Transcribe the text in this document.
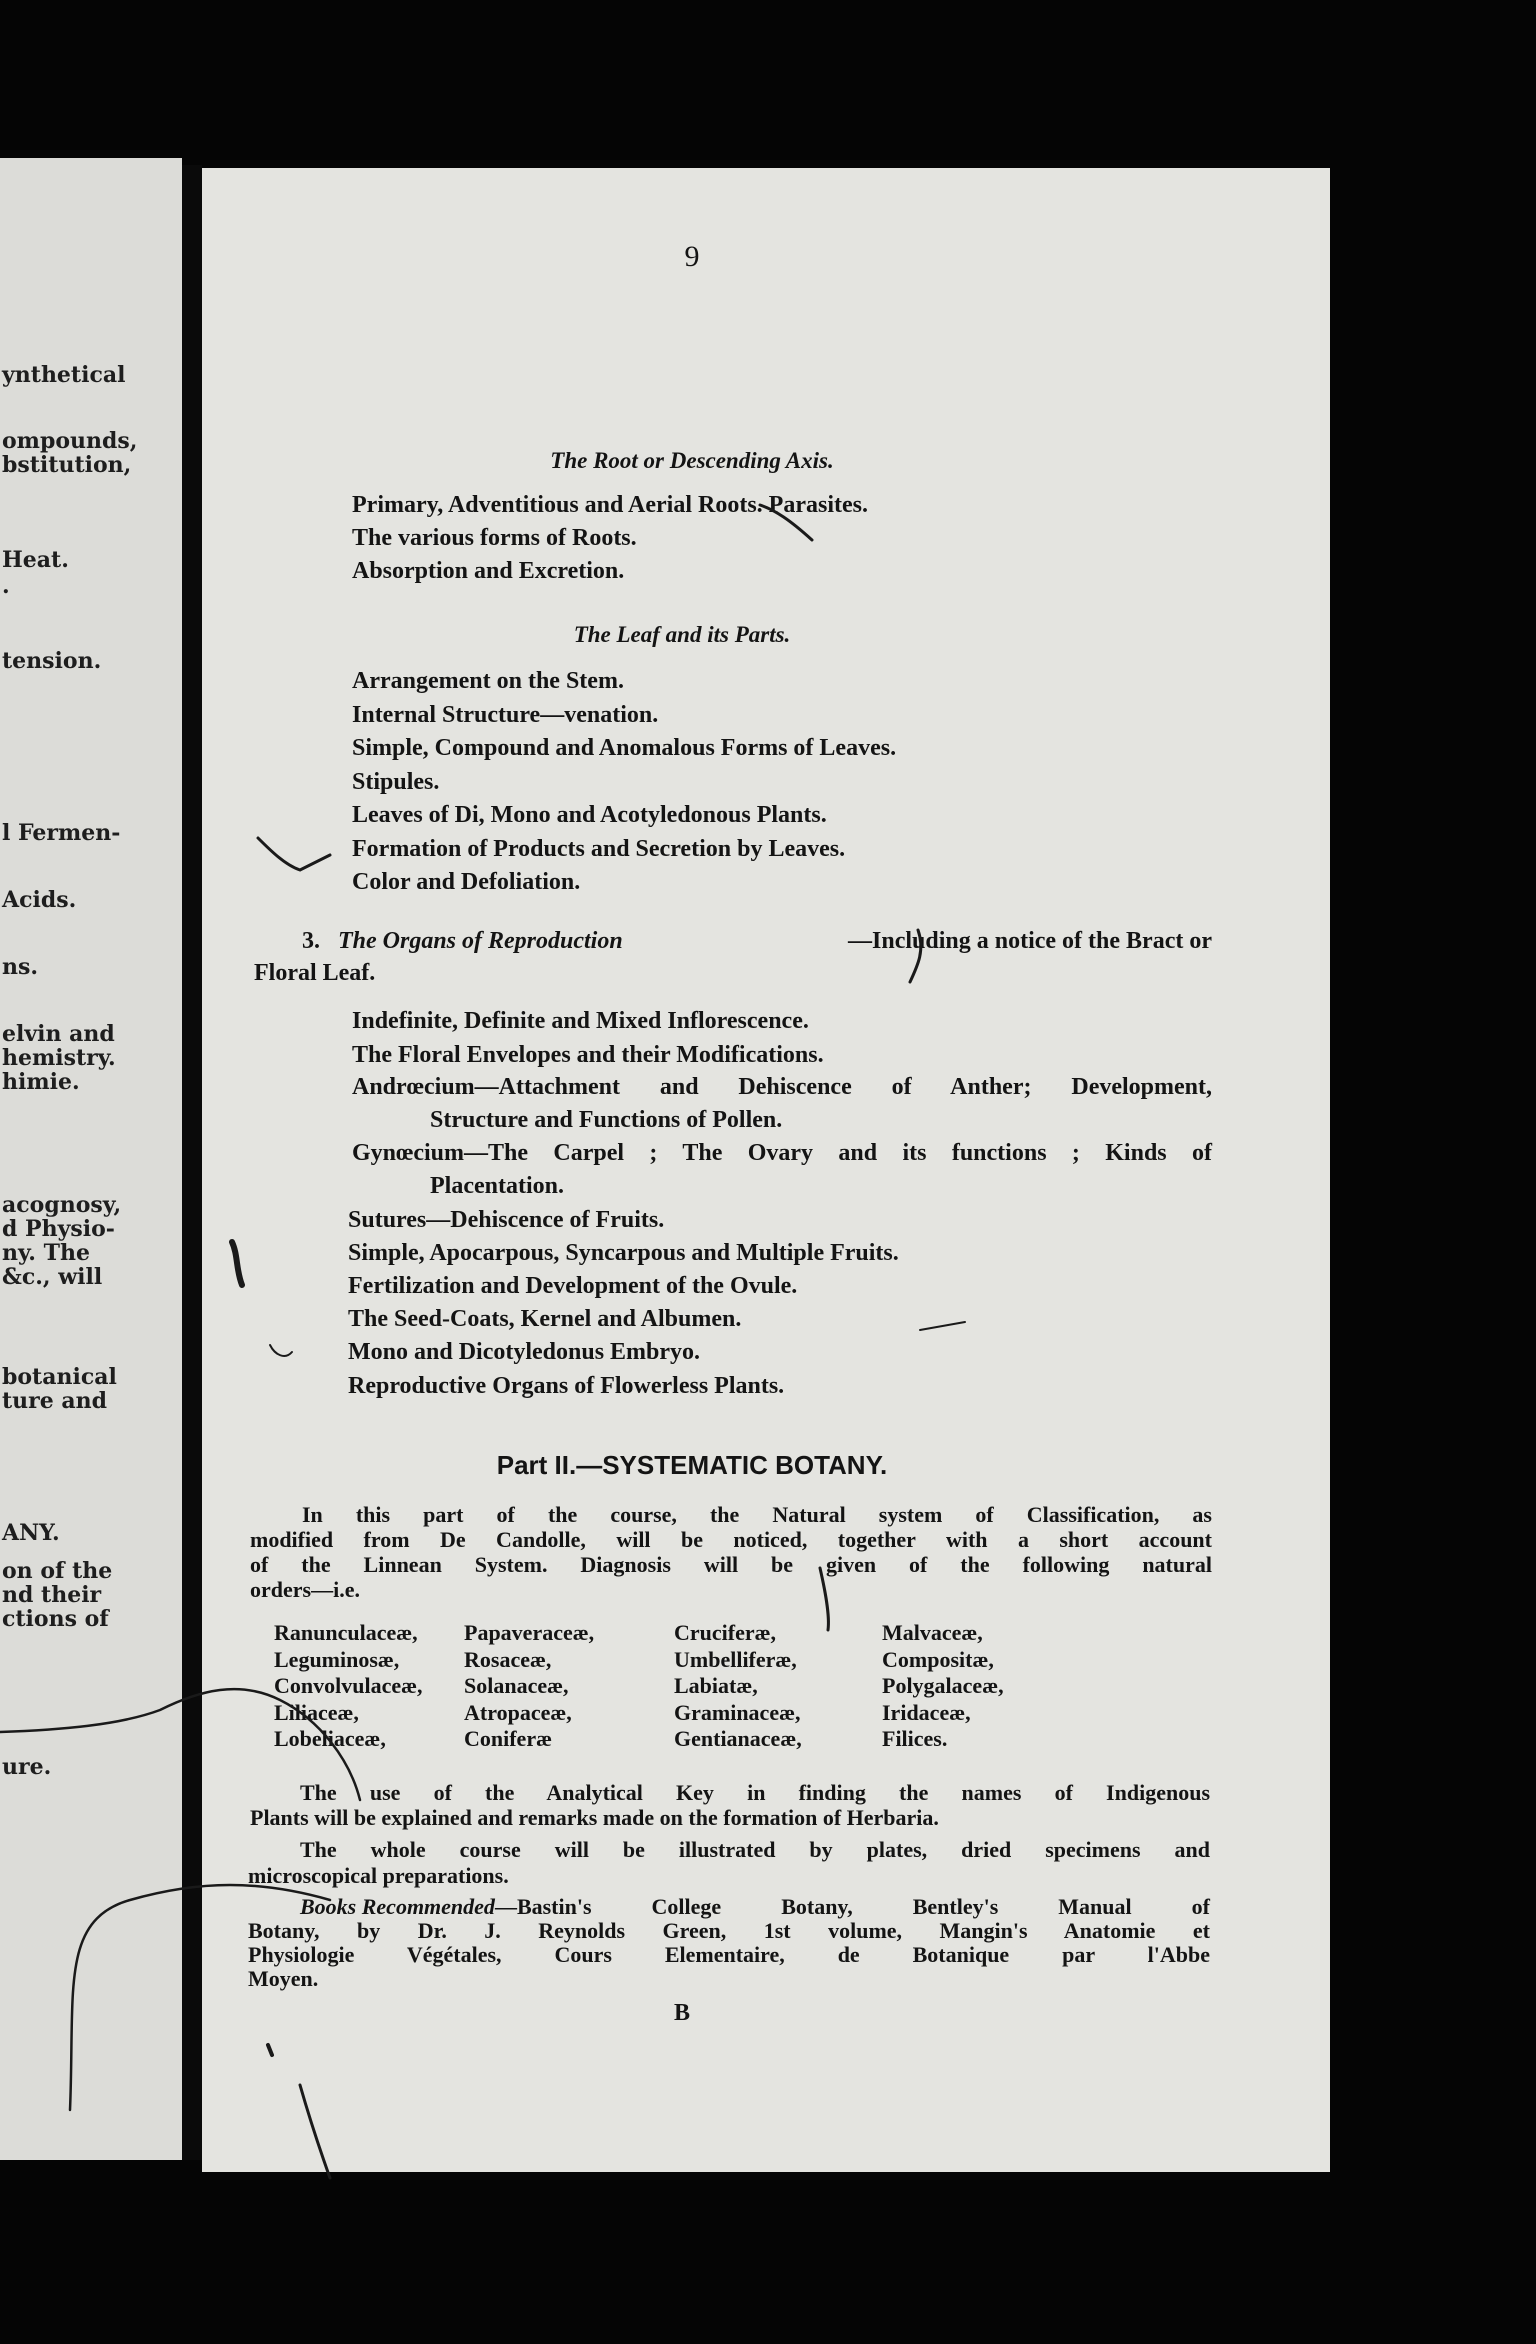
ynthetical
ompounds,
bstitution,
Heat.
.
tension.
l Fermen-
Acids.
ns.
elvin and
hemistry.
himie.
acognosy,
d Physio-
ny. The
&c., will
botanical
ture and
ANY.
on of the
nd their
ctions of
ure.
9
The Root or Descending Axis.
Primary, Adventitious and Aerial Roots. Parasites.
The various forms of Roots.
Absorption and Excretion.
The Leaf and its Parts.
Arrangement on the Stem.
Internal Structure—venation.
Simple, Compound and Anomalous Forms of Leaves.
Stipules.
Leaves of Di, Mono and Acotyledonous Plants.
Formation of Products and Secretion by Leaves.
Color and Defoliation.
3. The Organs of Reproduction	—Including a notice of the Bract or
Floral Leaf.
Indefinite, Definite and Mixed Inflorescence.
The Floral Envelopes and their Modifications.
Andrœcium—Attachment and Dehiscence of Anther; Development,
Structure and Functions of Pollen.
Gynœcium—The Carpel ; The Ovary and its functions ; Kinds of
Placentation.
Sutures—Dehiscence of Fruits.
Simple, Apocarpous, Syncarpous and Multiple Fruits.
Fertilization and Development of the Ovule.
The Seed-Coats, Kernel and Albumen.
Mono and Dicotyledonus Embryo.
Reproductive Organs of Flowerless Plants.
Part II.—SYSTEMATIC BOTANY.
In this part of the course, the Natural system of Classification, as
modified from De Candolle, will be noticed, together with a short account
of the Linnean System. Diagnosis will be given of the following natural
orders—i.e.
Ranunculaceæ, Papaveraceæ,	Cruciferæ,	Malvaceæ,
Leguminosæ,	Rosaceæ,	Umbelliferæ,	Compositæ,
Convolvulaceæ, Solanaceæ,	Labiatæ,	Polygalaceæ,
Liliaceæ,	Atropaceæ,	Graminaceæ,	Iridaceæ,
Lobeliaceæ,	Coniferæ	Gentianaceæ,	Filices.
The use of the Analytical Key in finding the names of Indigenous
Plants will be explained and remarks made on the formation of Herbaria.
The whole course will be illustrated by plates, dried specimens and
microscopical preparations.
Books Recommended —Bastin's College Botany, Bentley's Manual of
Botany, by Dr. J. Reynolds Green, 1st volume, Mangin's Anatomie et
Physiologie Végétales, Cours Elementaire, de Botanique par l'Abbe
Moyen.
B
